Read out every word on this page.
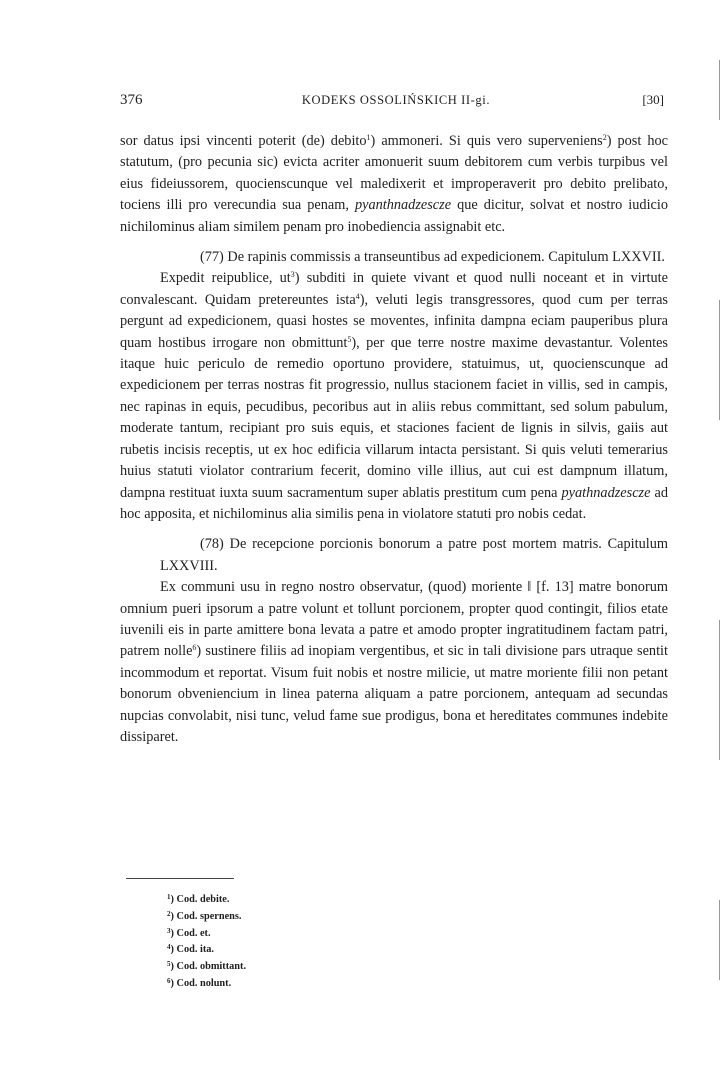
376	KODEKS OSSOLIŃSKICH II-gi.	[30]

sor datus ipsi vincenti poterit (de) debito$^1$) ammoneri. Si quis vero superveniens$^2$) post hoc statutum, (pro pecunia sic) evicta acriter amonuerit suum debitorem cum verbis turpibus vel eius fideiussorem, quocienscunque vel maledixerit et improperaverit pro debito prelibato, tociens illi pro verecundia sua penam, pyanthnadzescze que dicitur, solvat et nostro iudicio nichilominus aliam similem penam pro inobediencia assignabit etc.

(77) De rapinis commissis a transeuntibus ad expedicionem. Capitulum LXXVII.

Expedit reipublice, $ut^3$) subditi in quiete vivant et quod nulli noceant et in virtute convalescant. Quidam pretereuntes ista$^4$), veluti legis transgressores, quod cum per terras pergunt ad expedicionem, quasi hostes se moventes, infinita dampna eciam pauperibus plura quam hostibus irrogare non obmittunt$^5$), per que terre nostre maxime devastantur. Volentes itaque huic periculo de remedio oportuno providere, statuimus, ut, quocienscunque ad expedicionem per terras nostras fit progressio, nullus stacionem faciet in villis, sed in campis, nec rapinas in equis, pecudibus, pecoribus aut in aliis rebus committant, sed solum pabulum, moderate tantum, recipiant pro suis equis, et staciones facient de lignis in silvis, gaiis aut rubetis incisis receptis, ut ex hoc edificia villarum intacta persistant. Si quis veluti temerarius huius statuti violator contrarium fecerit, domino ville illius, aut cui est dampnum illatum, dampna restituat iuxta suum sacramentum super ablatis prestitum cum pena pyathnadzescze ad hoc apposita, et nichilominus alia similis pena in violatore statuti pro nobis cedat.

(78) De recepcione porcionis bonorum a patre post mortem matris. Capitulum LXXVIII.

Ex communi usu in regno nostro observatur, (quod) moriente ‖ [f. 13] matre bonorum omnium pueri ipsorum a patre volunt et tollunt porcionem, propter quod contingit, filios etate iuvenili eis in parte amittere bona levata a patre et amodo propter ingratitudinem factam patri, patrem nolle$^6$) sustinere filiis ad inopiam vergentibus, et sic in tali divisione pars utraque sentit incommodum et reportat. Visum fuit nobis et nostre milicie, ut matre moriente filii non petant bonorum obveniencium in linea paterna aliquam a patre porcionem, antequam ad secundas nupcias convolabit, nisi tunc, velud fame sue prodigus, bona et hereditates communes indebite dissiparet.

$^1$) Cod. debite.
$^2$) Cod. spernens.
$^3$) Cod. et.
$^4$) Cod. ita.
$^5$) Cod. obmittant.
$^6$) Cod. nolunt.
